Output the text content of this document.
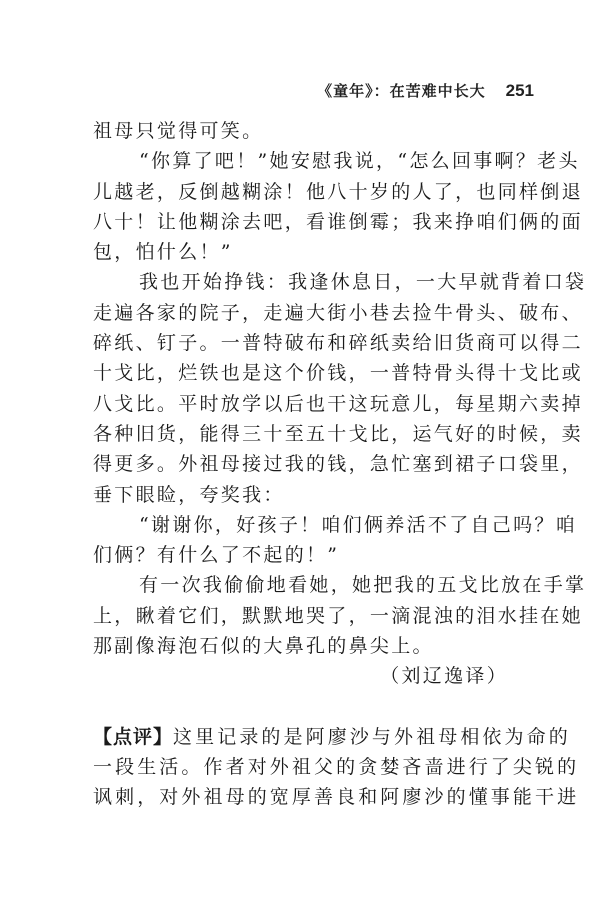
《童年》：在苦难中长大 251
祖母只觉得可笑。
“你算了吧！”她安慰我说，“怎么回事啊？老头
儿越老，反倒越糊涂！他八十岁的人了，也同样倒退
八十！让他糊涂去吧，看谁倒霉；我来挣咱们俩的面
包，怕什么！”
我也开始挣钱：我逢休息日，一大早就背着口袋
走遍各家的院子，走遍大街小巷去捡牛骨头、破布、
碎纸、钉子。一普特破布和碎纸卖给旧货商可以得二
十戈比，烂铁也是这个价钱，一普特骨头得十戈比或
八戈比。平时放学以后也干这玩意儿，每星期六卖掉
各种旧货，能得三十至五十戈比，运气好的时候，卖
得更多。外祖母接过我的钱，急忙塞到裙子口袋里，
垂下眼睑，夸奖我：
“谢谢你，好孩子！咱们俩养活不了自己吗？咱
们俩？有什么了不起的！”
有一次我偷偷地看她，她把我的五戈比放在手掌
上，瞅着它们，默默地哭了，一滴混浊的泪水挂在她
那副像海泡石似的大鼻孔的鼻尖上。
（刘辽逸译）
【点评】这里记录的是阿廖沙与外祖母相依为命的
一段生活。作者对外祖父的贪婪吝啬进行了尖锐的
讽刺，对外祖母的宽厚善良和阿廖沙的懂事能干进
